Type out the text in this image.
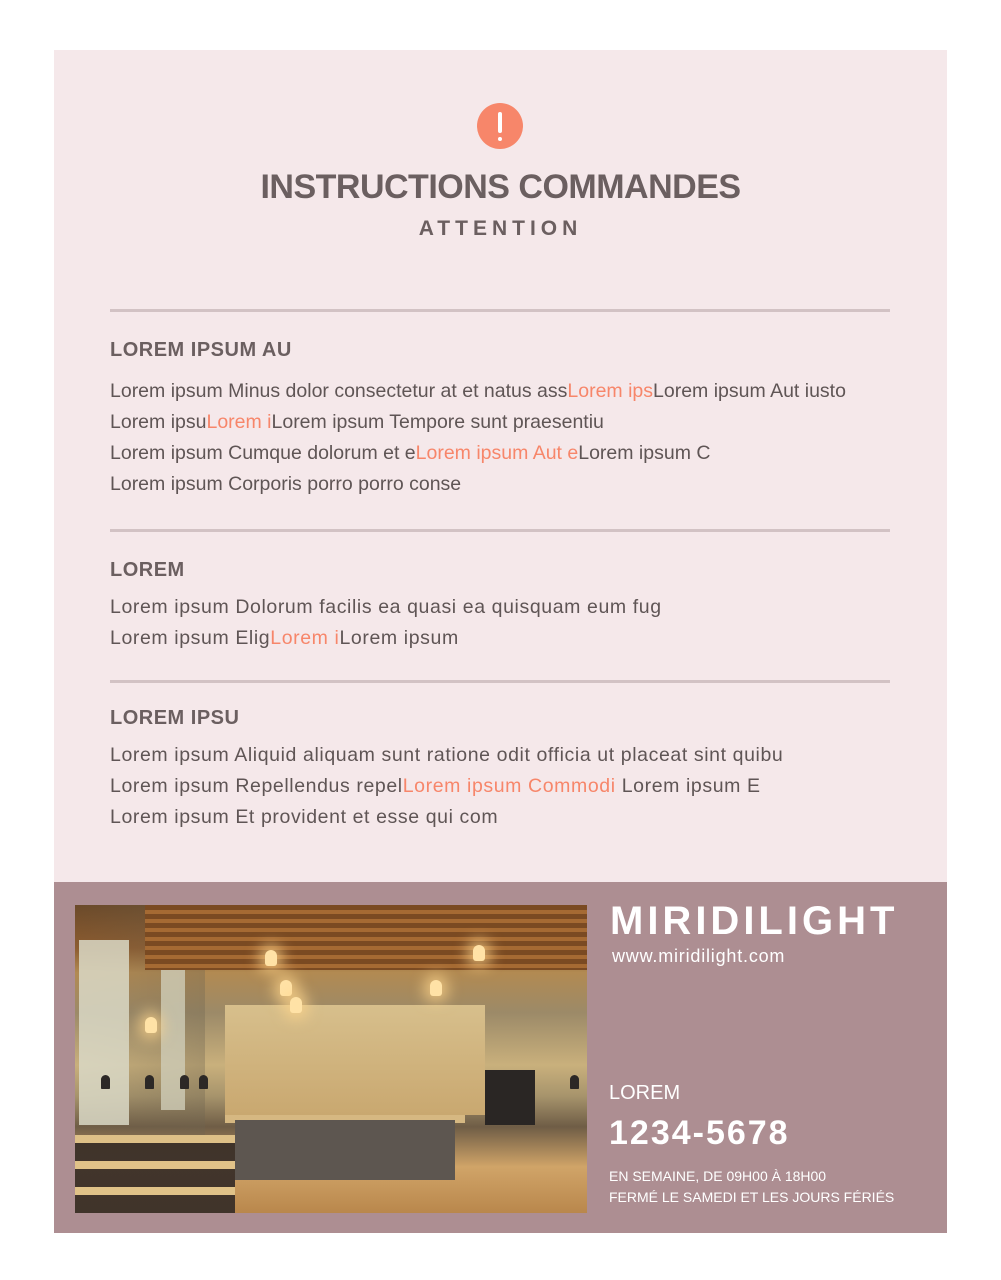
INSTRUCTIONS COMMANDES
ATTENTION
LOREM IPSUM AU
Lorem ipsum Minus dolor consectetur at et natus assLorem ipsLorem ipsum Aut iusto
Lorem ipsuLorem iLorem ipsum Tempore sunt praesentiu
Lorem ipsum Cumque dolorum et eLorem ipsum Aut eLorem ipsum C
Lorem ipsum Corporis porro porro conse
LOREM
Lorem ipsum Dolorum facilis ea quasi ea quisquam eum fug
Lorem ipsum EligLorem iLorem ipsum
LOREM IPSU
Lorem ipsum Aliquid aliquam sunt ratione odit officia ut placeat sint quibu
Lorem ipsum Repellendus repelLorem ipsum Commodi Lorem ipsum E
Lorem ipsum Et provident et esse qui com
MIRIDILIGHT
www.miridilight.com
LOREM
1234-5678
EN SEMAINE, DE 09H00 À 18H00
FERMÉ LE SAMEDI ET LES JOURS FÉRIÉS
